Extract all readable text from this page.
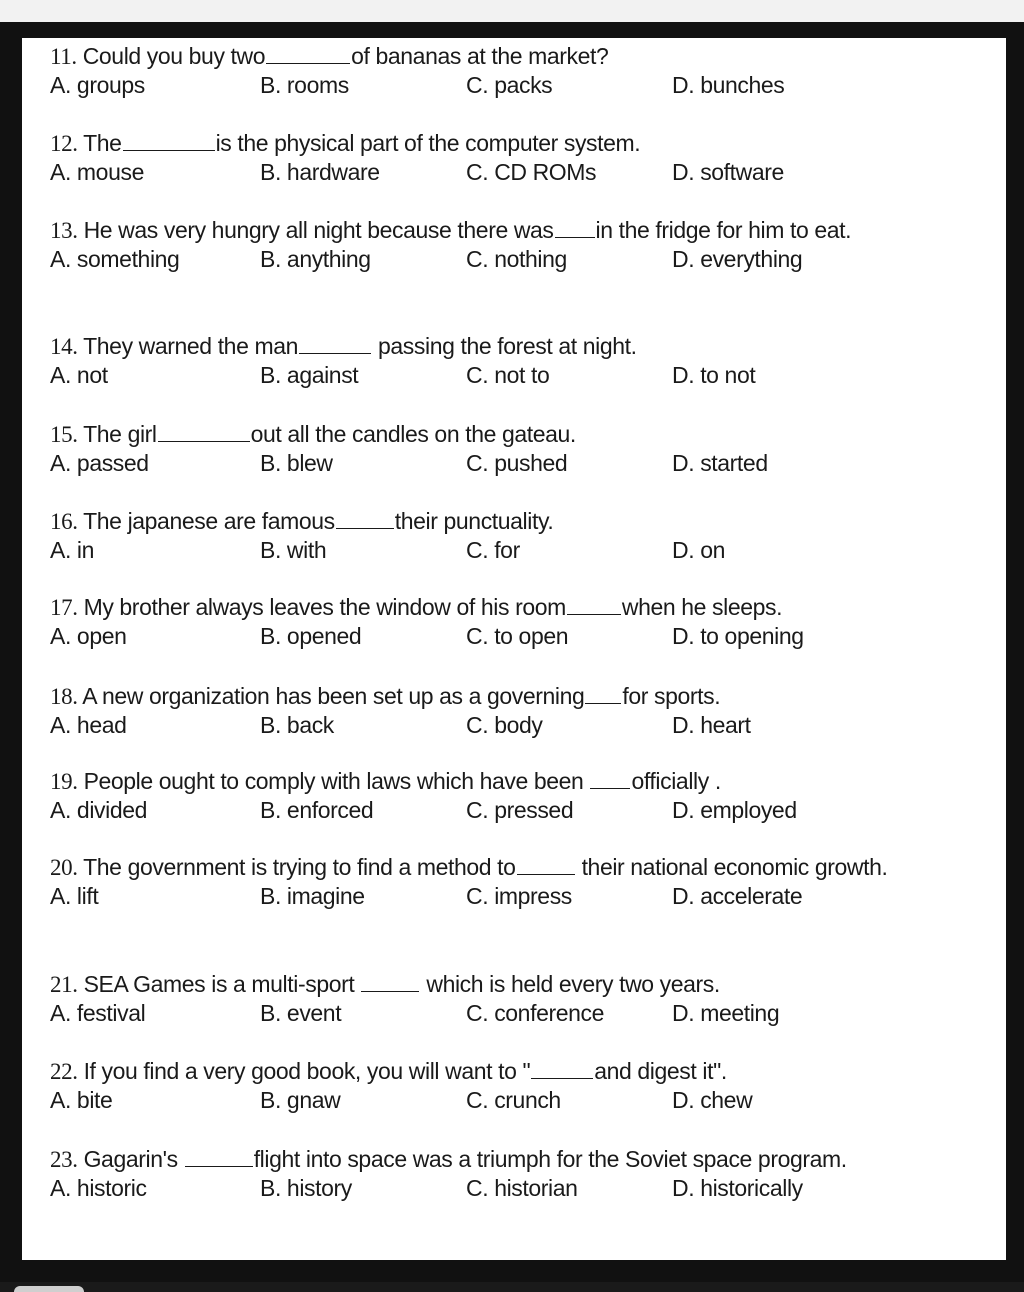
11. Could you buy two	of bananas at the market?
A. groups	B. rooms	C. packs	D. bunches
12. The	is the physical part of the computer system.
A. mouse	B. hardware	C. CD ROMs	D. software
13. He was very hungry all night because there was in the fridge for him to eat.
A. something	B. anything	C. nothing	D. everything
14. They warned the man	passing the forest at night.
A. not	B. against	C. not to	D. to not
15. The girl	out all the candles on the gateau.
A. passed	B. blew	C. pushed	D. started
16. The japanese are famous	their punctuality.
A. in	B. with	C. for	D. on
17. My brother always leaves the window of his room when he sleeps.
A. open	B. opened	C. to open	D. to opening
18. A new organization has been set up as a governing for sports.
A. head	B. back	C. body	D. heart
19. People ought to comply with laws which have been officially .
A. divided	B. enforced	C. pressed	D. employed
20. The government is trying to find a method to	their national economic growth.
A. lift	B. imagine	C. impress	D. accelerate
21. SEA Games is a multi-sport	which is held every two years.
A. festival	B. event	C. conference	D. meeting
22. If you find a very good book, you will want to "	and digest it".
A. bite	B. gnaw	C. crunch	D. chew
23. Gagarin's	flight into space was a triumph for the Soviet space program.
A. historic	B. history	C. historian	D. historically
